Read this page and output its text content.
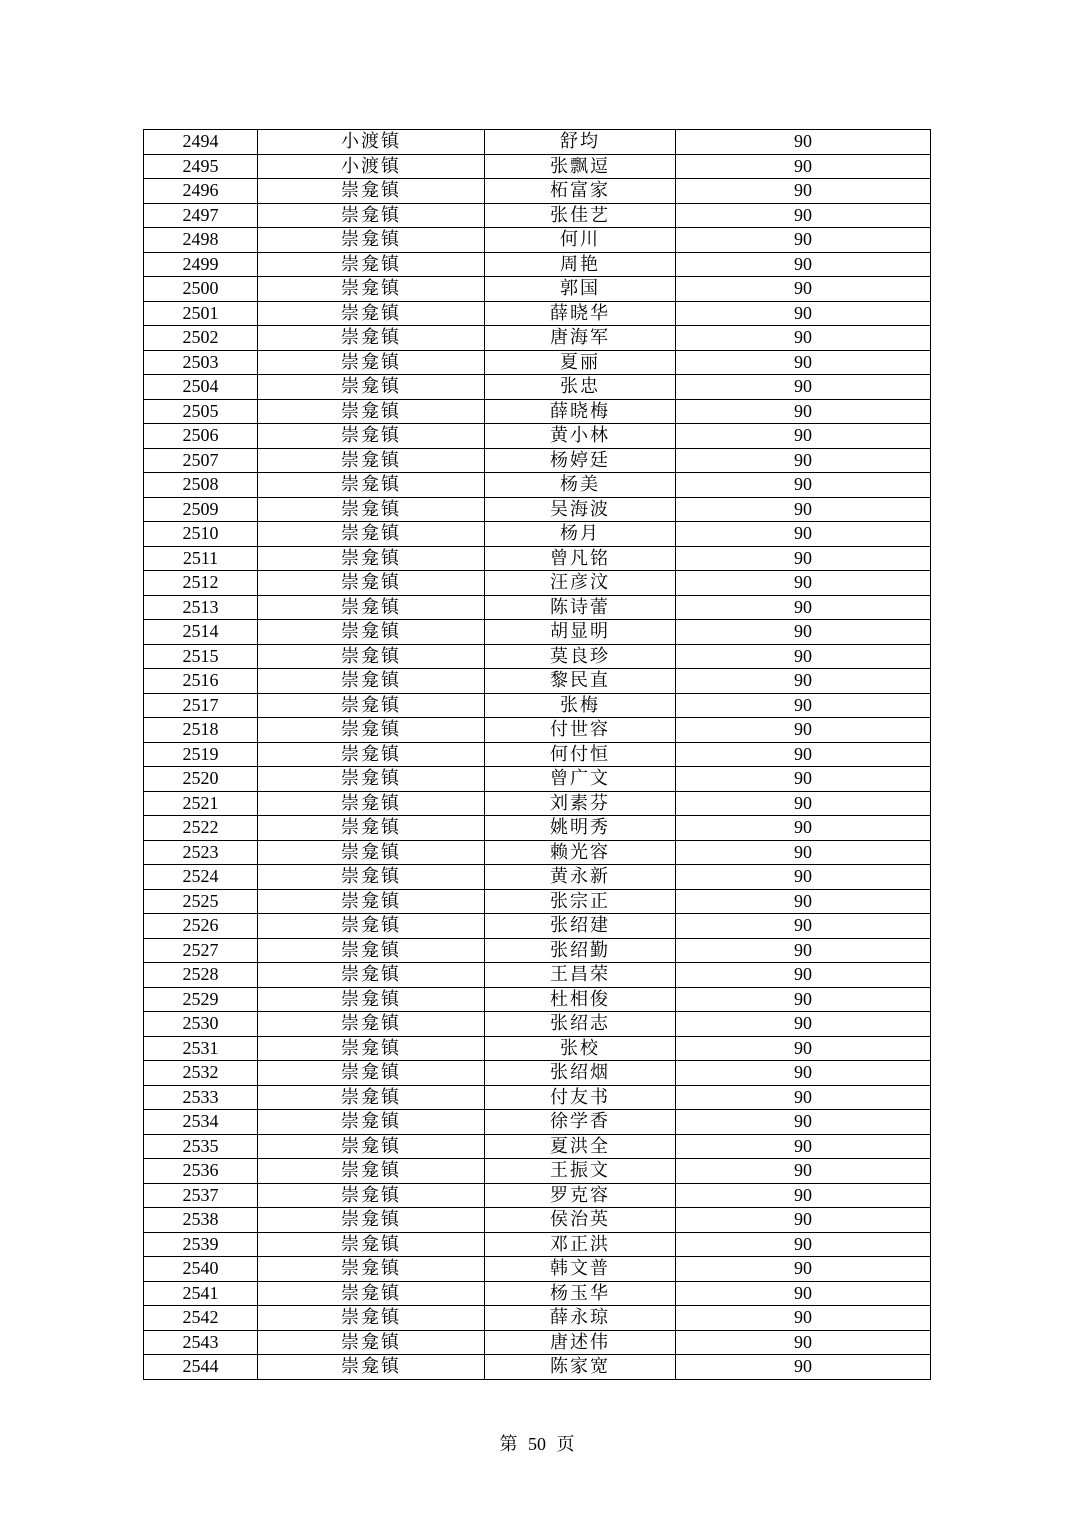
2494	小渡镇	舒均	90
2495	小渡镇	张飘逗	90
2496	崇龛镇	柘富家	90
2497	崇龛镇	张佳艺	90
2498	崇龛镇	何川	90
2499	崇龛镇	周艳	90
2500	崇龛镇	郭国	90
2501	崇龛镇	薛晓华	90
2502	崇龛镇	唐海军	90
2503	崇龛镇	夏丽	90
2504	崇龛镇	张忠	90
2505	崇龛镇	薛晓梅	90
2506	崇龛镇	黄小林	90
2507	崇龛镇	杨婷廷	90
2508	崇龛镇	杨美	90
2509	崇龛镇	吴海波	90
2510	崇龛镇	杨月	90
2511	崇龛镇	曾凡铭	90
2512	崇龛镇	汪彦汶	90
2513	崇龛镇	陈诗蕾	90
2514	崇龛镇	胡显明	90
2515	崇龛镇	莫良珍	90
2516	崇龛镇	黎民直	90
2517	崇龛镇	张梅	90
2518	崇龛镇	付世容	90
2519	崇龛镇	何付恒	90
2520	崇龛镇	曾广文	90
2521	崇龛镇	刘素芬	90
2522	崇龛镇	姚明秀	90
2523	崇龛镇	赖光容	90
2524	崇龛镇	黄永新	90
2525	崇龛镇	张宗正	90
2526	崇龛镇	张绍建	90
2527	崇龛镇	张绍勤	90
2528	崇龛镇	王昌荣	90
2529	崇龛镇	杜相俊	90
2530	崇龛镇	张绍志	90
2531	崇龛镇	张校	90
2532	崇龛镇	张绍烟	90
2533	崇龛镇	付友书	90
2534	崇龛镇	徐学香	90
2535	崇龛镇	夏洪全	90
2536	崇龛镇	王振文	90
2537	崇龛镇	罗克容	90
2538	崇龛镇	侯治英	90
2539	崇龛镇	邓正洪	90
2540	崇龛镇	韩文普	90
2541	崇龛镇	杨玉华	90
2542	崇龛镇	薛永琼	90
2543	崇龛镇	唐述伟	90
2544	崇龛镇	陈家宽	90
第 50 页
